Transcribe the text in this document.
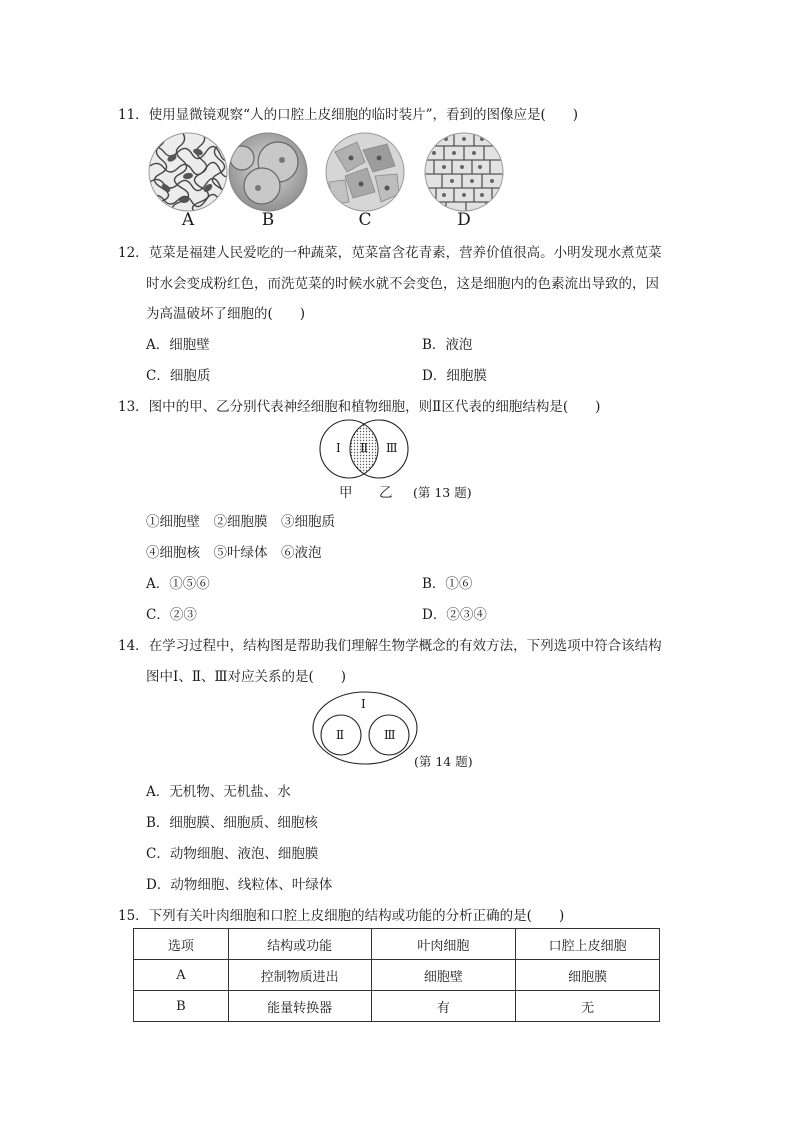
11．使用显微镜观察“人的口腔上皮细胞的临时装片”，看到的图像应是(　　)
A	B	C	D
12．苋菜是福建人民爱吃的一种蔬菜，苋菜富含花青素，营养价值很高。小明发现水煮苋菜
时水会变成粉红色，而洗苋菜的时候水就不会变色，这是细胞内的色素流出导致的，因
为高温破坏了细胞的(　　)
A．细胞壁	B．液泡
C．细胞质	D．细胞膜
13．图中的甲、乙分别代表神经细胞和植物细胞，则Ⅱ区代表的细胞结构是(　　)
Ⅰ Ⅱ Ⅲ
甲 乙 (第 13 题)
①细胞壁　②细胞膜　③细胞质
④细胞核　⑤叶绿体　⑥液泡
A．①⑤⑥	B．①⑥
C．②③	D．②③④
14．在学习过程中，结构图是帮助我们理解生物学概念的有效方法，下列选项中符合该结构
图中Ⅰ、Ⅱ、Ⅲ对应关系的是(　　)
Ⅰ
Ⅱ	Ⅲ
(第 14 题)
A．无机物、无机盐、水
B．细胞膜、细胞质、细胞核
C．动物细胞、液泡、细胞膜
D．动物细胞、线粒体、叶绿体
15．下列有关叶肉细胞和口腔上皮细胞的结构或功能的分析正确的是(　　)
选项	结构或功能	叶肉细胞	口腔上皮细胞
A	控制物质进出	细胞壁	细胞膜
B	能量转换器	有	无
